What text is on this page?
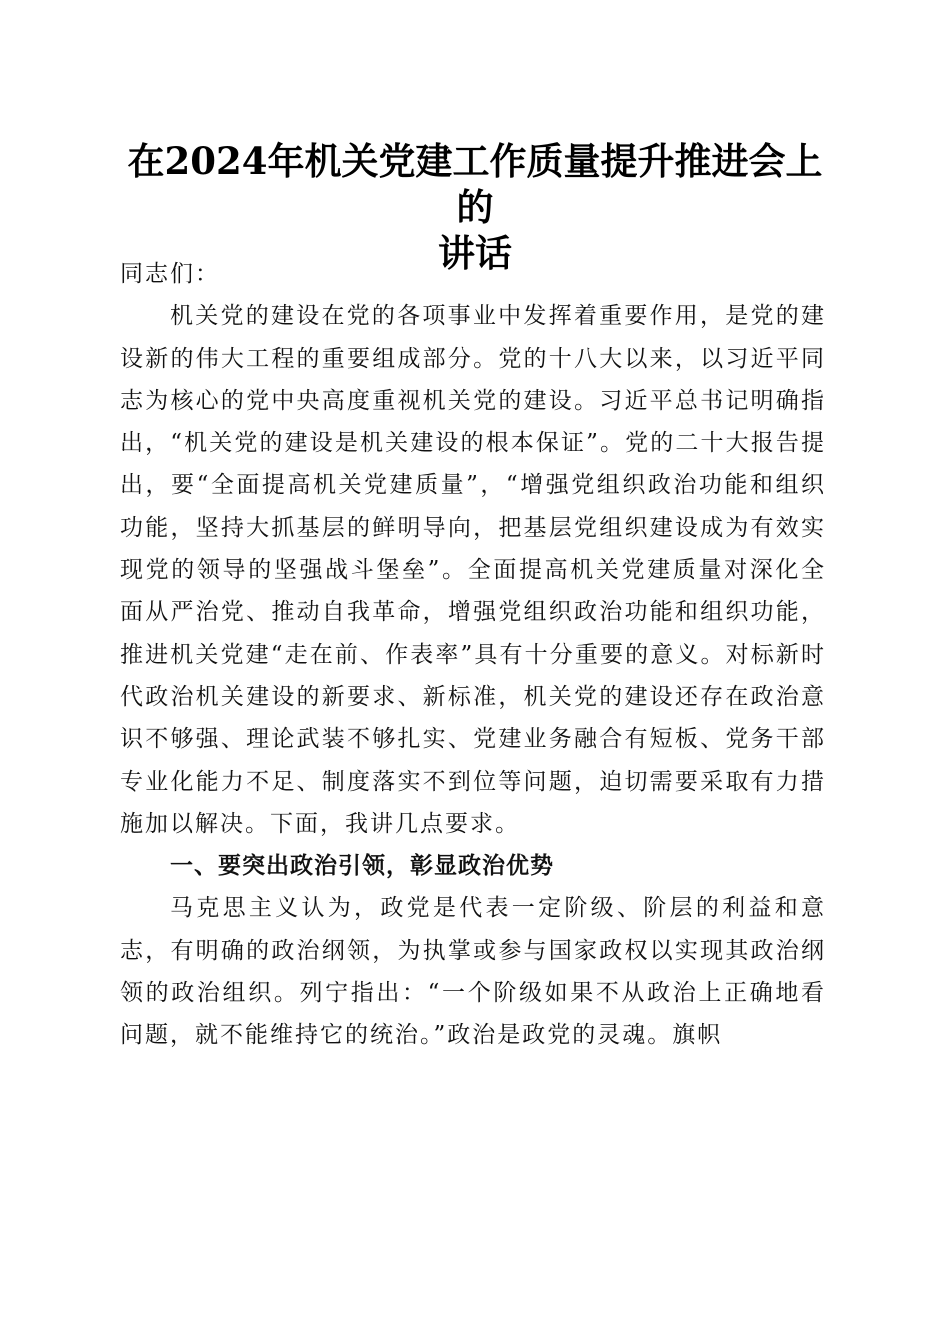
在2024年机关党建工作质量提升推进会上的
讲话

同志们：

机关党的建设在党的各项事业中发挥着重要作用，是党的建设新的伟大工程的重要组成部分。党的十八大以来，以习近平同志为核心的党中央高度重视机关党的建设。习近平总书记明确指出，“机关党的建设是机关建设的根本保证”。党的二十大报告提出，要“全面提高机关党建质量”，“增强党组织政治功能和组织功能，坚持大抓基层的鲜明导向，把基层党组织建设成为有效实现党的领导的坚强战斗堡垒”。全面提高机关党建质量对深化全面从严治党、推动自我革命，增强党组织政治功能和组织功能，推进机关党建“走在前、作表率”具有十分重要的意义。对标新时代政治机关建设的新要求、新标准，机关党的建设还存在政治意识不够强、理论武装不够扎实、党建业务融合有短板、党务干部专业化能力不足、制度落实不到位等问题，迫切需要采取有力措施加以解决。下面，我讲几点要求。

一、要突出政治引领，彰显政治优势

马克思主义认为，政党是代表一定阶级、阶层的利益和意志，有明确的政治纲领，为执掌或参与国家政权以实现其政治纲领的政治组织。列宁指出：“一个阶级如果不从政治上正确地看问题，就不能维持它的统治。”政治是政党的灵魂。旗帜
